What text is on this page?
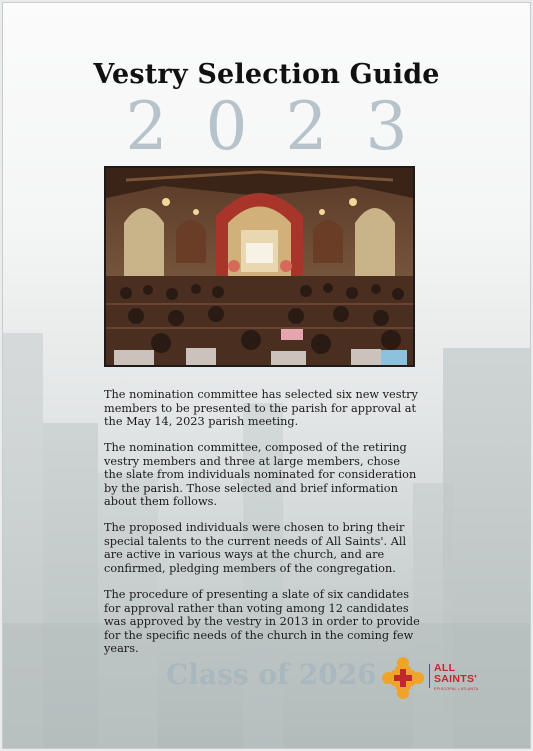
Vestry Selection Guide
2023

The nomination committee has selected six new vestry members to be presented to the parish for approval at the May 14, 2023 parish meeting.

The nomination committee, composed of the retiring vestry members and three at large members, chose the slate from individuals nominated for consideration by the parish. Those selected and brief information about them follows.

The proposed individuals were chosen to bring their special talents to the current needs of All Saints'. All are active in various ways at the church, and are confirmed, pledging members of the congregation.

The procedure of presenting a slate of six candidates for approval rather than voting among 12 candidates was approved by the vestry in 2013 in order to provide for the specific needs of the church in the coming few years.

Class of 2026	ALL
SAINTS'
EPISCOPAL • ATLANTA
